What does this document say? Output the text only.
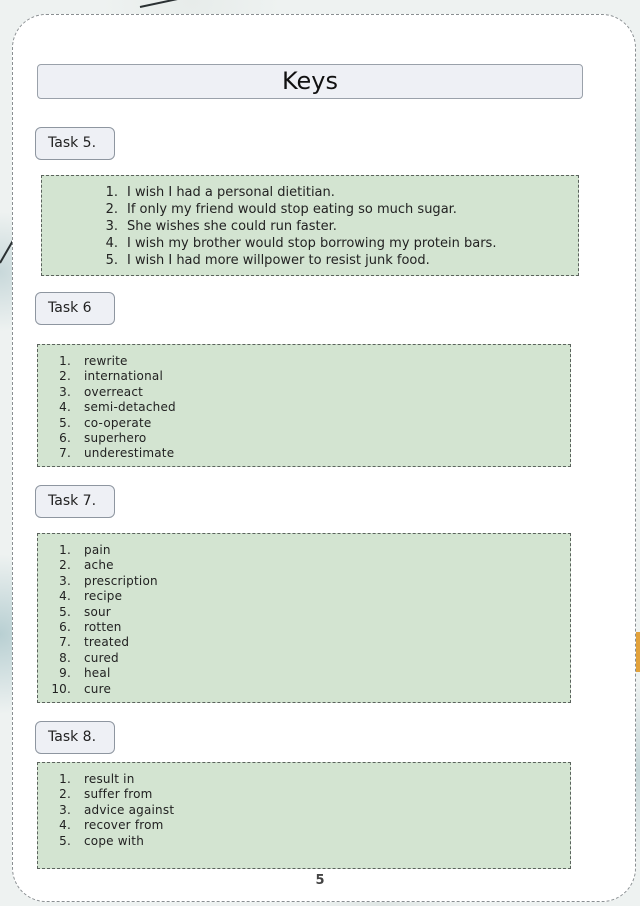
Keys
Task 5.
I wish I had a personal dietitian.
If only my friend would stop eating so much sugar.
She wishes she could run faster.
I wish my brother would stop borrowing my protein bars.
I wish I had more willpower to resist junk food.
Task 6
rewrite
international
overreact
semi-detached
co-operate
superhero
underestimate
Task 7.
pain
ache
prescription
recipe
sour
rotten
treated
cured
heal
cure
Task 8.
result in
suffer from
advice against
recover from
cope with
5
